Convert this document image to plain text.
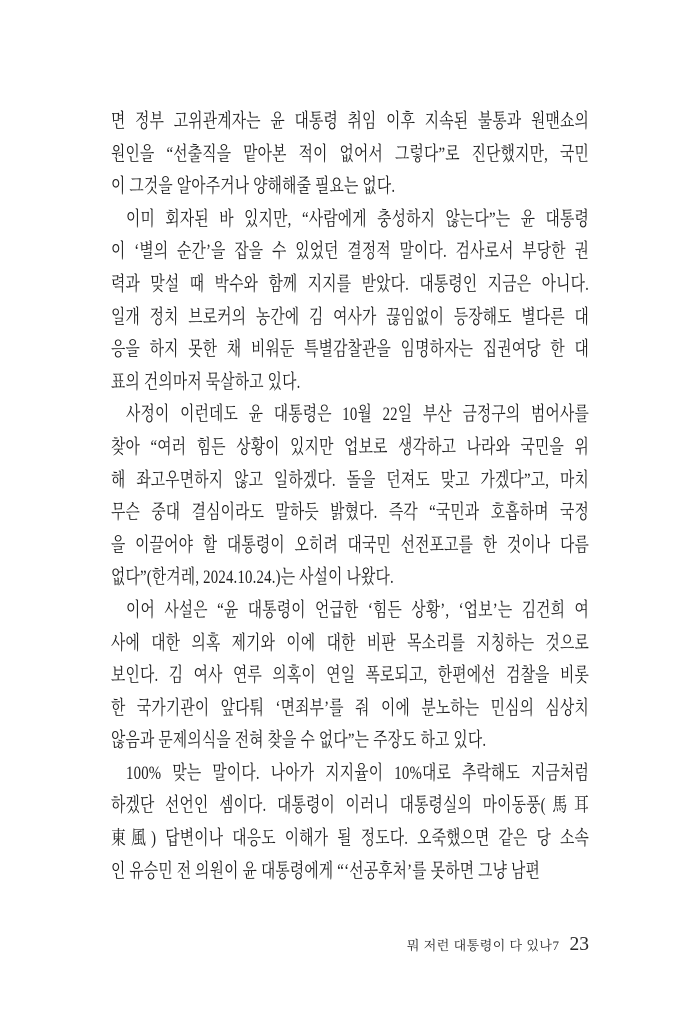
면 정부 고위관계자는 윤 대통령 취임 이후 지속된 불통과 원맨쇼의
원인을 “선출직을 맡아본 적이 없어서 그렇다”로 진단했지만, 국민
이 그것을 알아주거나 양해해줄 필요는 없다.
이미 회자된 바 있지만, “사람에게 충성하지 않는다”는 윤 대통령
이 ‘별의 순간’을 잡을 수 있었던 결정적 말이다. 검사로서 부당한 권
력과 맞설 때 박수와 함께 지지를 받았다. 대통령인 지금은 아니다.
일개 정치 브로커의 농간에 김 여사가 끊임없이 등장해도 별다른 대
응을 하지 못한 채 비워둔 특별감찰관을 임명하자는 집권여당 한 대
표의 건의마저 묵살하고 있다.
사정이 이런데도 윤 대통령은 10월 22일 부산 금정구의 범어사를
찾아 “여러 힘든 상황이 있지만 업보로 생각하고 나라와 국민을 위
해 좌고우면하지 않고 일하겠다. 돌을 던져도 맞고 가겠다”고, 마치
무슨 중대 결심이라도 말하듯 밝혔다. 즉각 “국민과 호흡하며 국정
을 이끌어야 할 대통령이 오히려 대국민 선전포고를 한 것이나 다름
없다”(한겨레, 2024.10.24.)는 사설이 나왔다.
이어 사설은 “윤 대통령이 언급한 ‘힘든 상황’, ‘업보’는 김건희 여
사에 대한 의혹 제기와 이에 대한 비판 목소리를 지칭하는 것으로
보인다. 김 여사 연루 의혹이 연일 폭로되고, 한편에선 검찰을 비롯
한 국가기관이 앞다퉈 ‘면죄부’를 줘 이에 분노하는 민심의 심상치
않음과 문제의식을 전혀 찾을 수 없다”는 주장도 하고 있다.
100% 맞는 말이다. 나아가 지지율이 10%대로 추락해도 지금처럼
하겠단 선언인 셈이다. 대통령이 이러니 대통령실의 마이동풍(馬耳
東風) 답변이나 대응도 이해가 될 정도다. 오죽했으면 같은 당 소속
인 유승민 전 의원이 윤 대통령에게 “‘선공후처’를 못하면 그냥 남편
뭐 저런 대통령이 다 있나7 23
